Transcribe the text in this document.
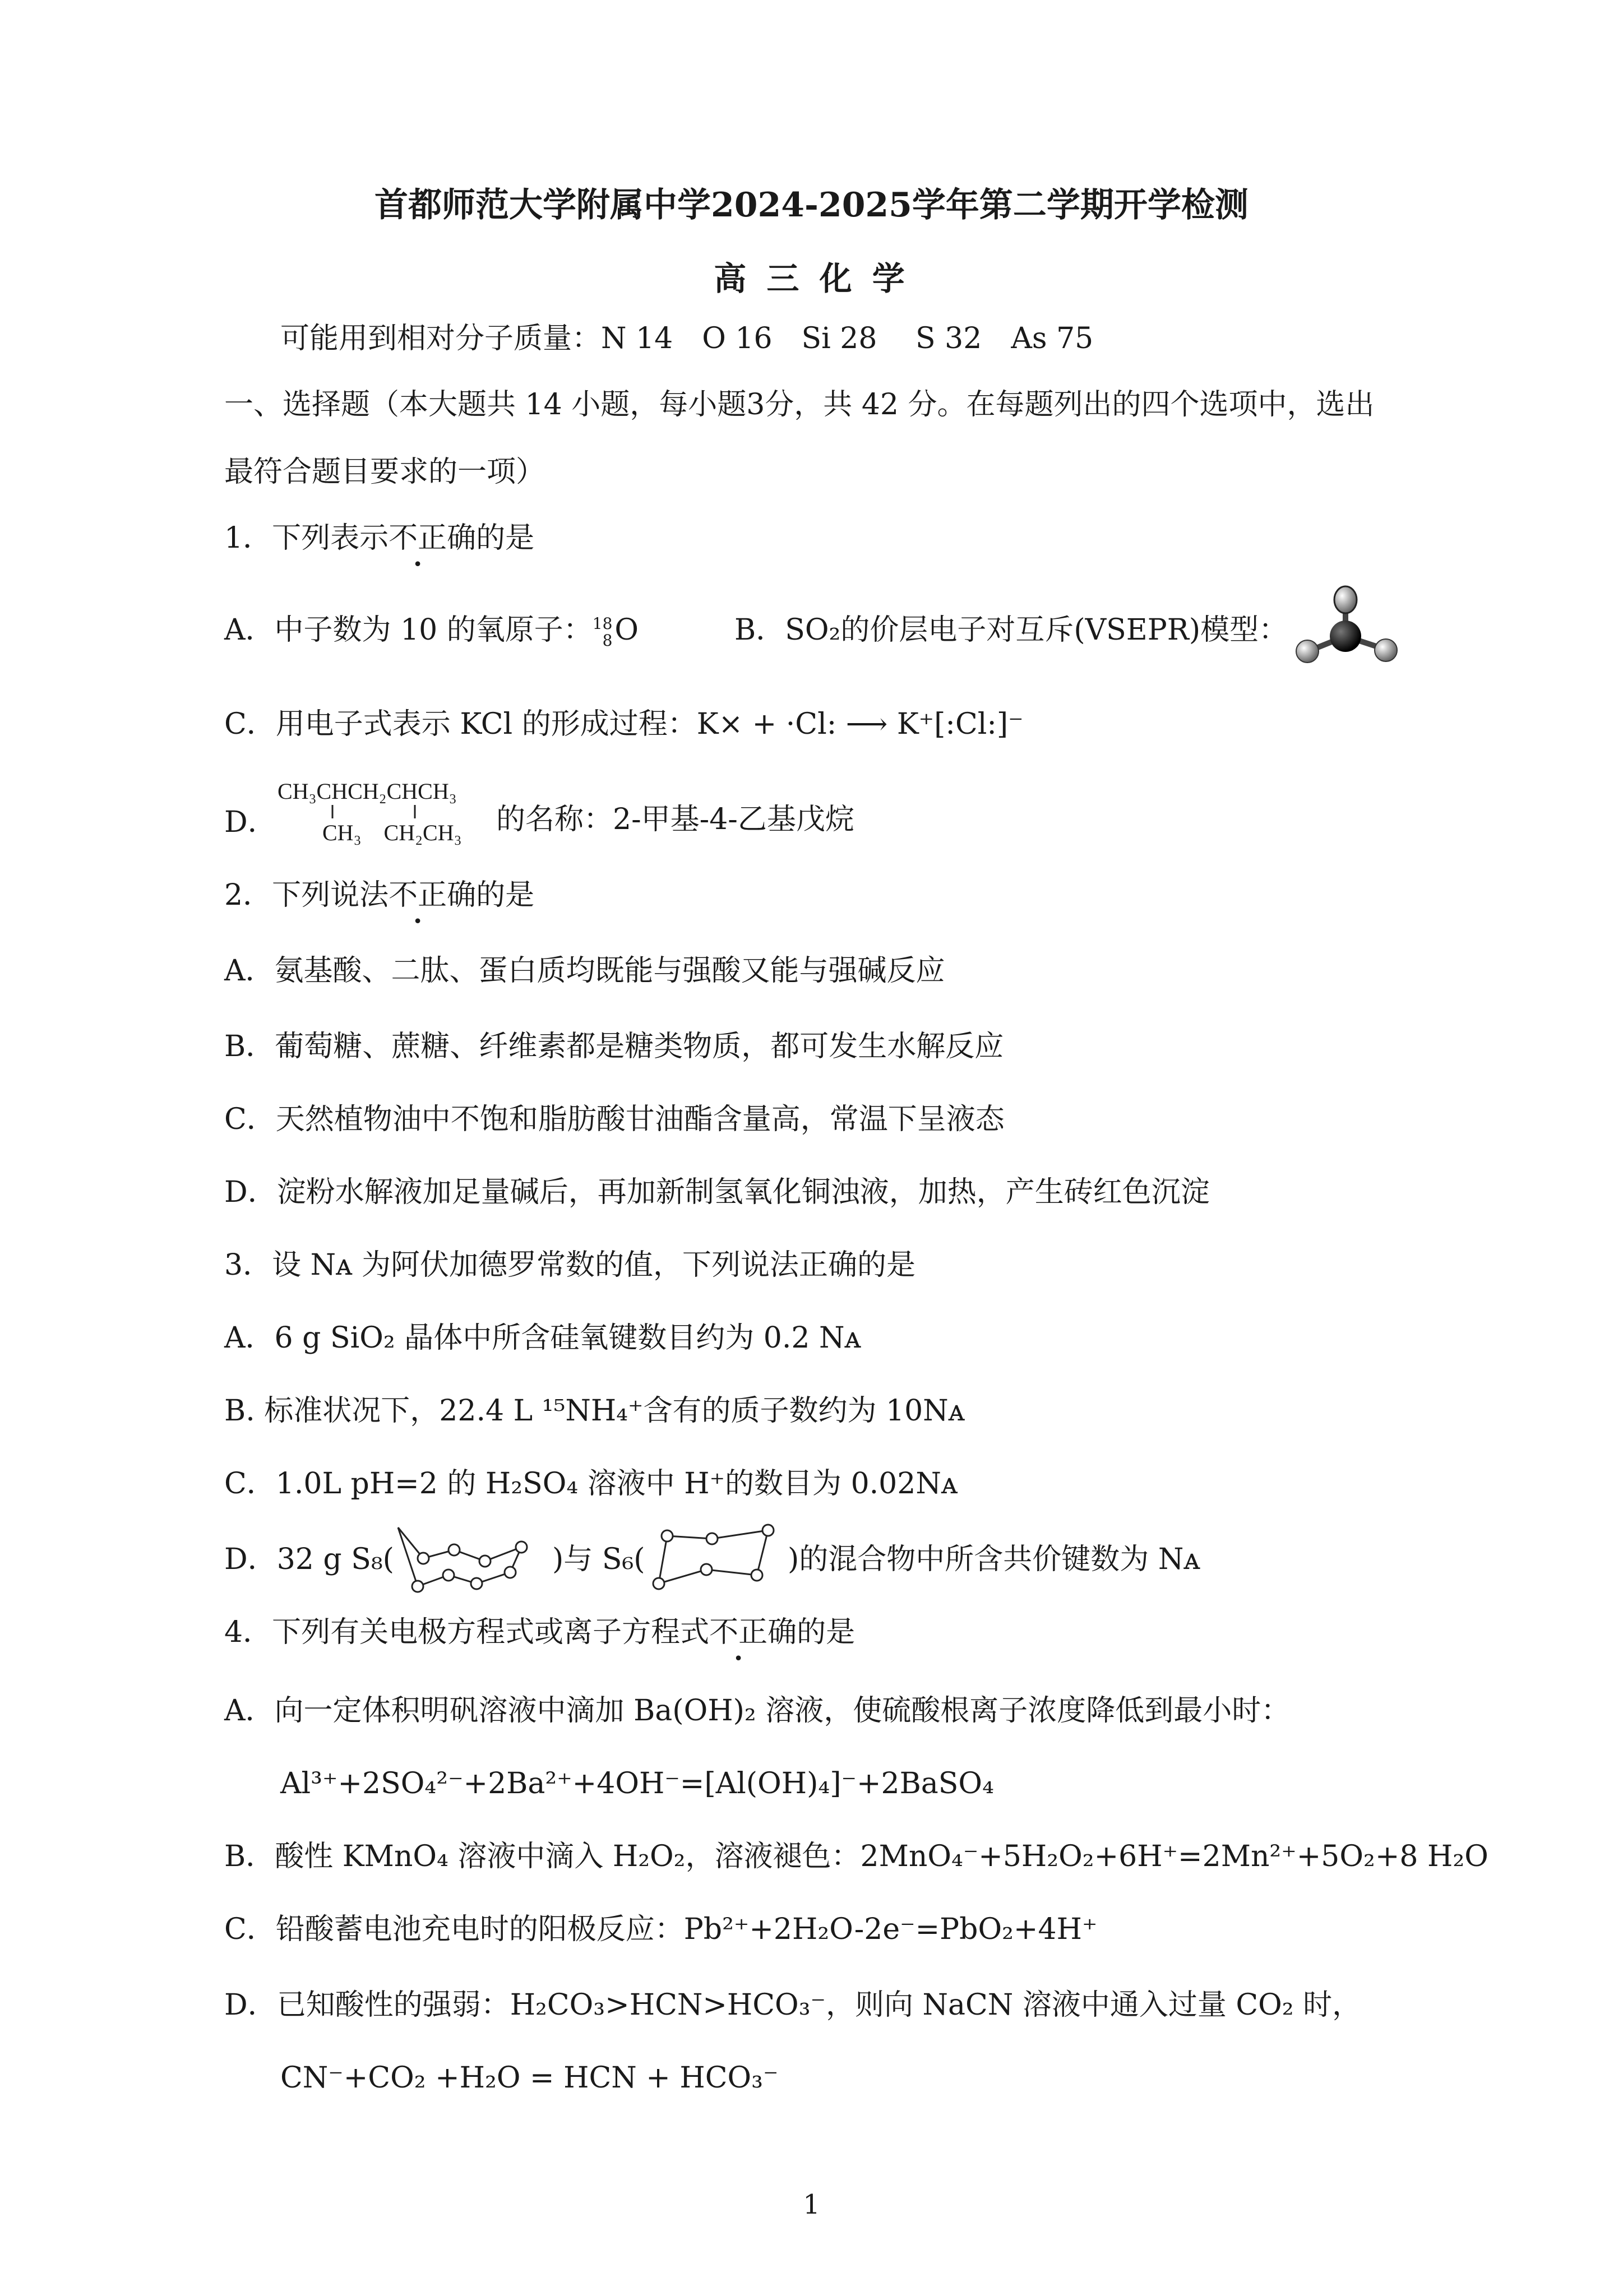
首都师范大学附属中学2024-2025学年第二学期开学检测
高 三 化 学
可能用到相对分子质量：N 14　O 16　Si 28　 S 32　As 75
一、选择题（本大题共 14 小题，每小题3分，共 42 分。在每题列出的四个选项中，选出
最符合题目要求的一项）
1．下列表示不正确的是
A．中子数为 10 的氧原子：18
8O	B．SO₂的价层电子对互斥(VSEPR)模型：
C．用电子式表示 KCl 的形成过程：K× + ·Cl: ⟶ K⁺[:Cl:]⁻
D．
CH₃CHCH₂CHCH₃
CH₃    CH₂CH₃ 的名称：2-甲基-4-乙基戊烷
2．下列说法不正确的是
A．氨基酸、二肽、蛋白质均既能与强酸又能与强碱反应
B．葡萄糖、蔗糖、纤维素都是糖类物质，都可发生水解反应
C．天然植物油中不饱和脂肪酸甘油酯含量高，常温下呈液态
D．淀粉水解液加足量碱后，再加新制氢氧化铜浊液，加热，产生砖红色沉淀
3．设 Nᴀ 为阿伏加德罗常数的值，下列说法正确的是
A．6 g SiO₂ 晶体中所含硅氧键数目约为 0.2 Nᴀ
B. 标准状况下，22.4 L ¹⁵NH₄⁺含有的质子数约为 10Nᴀ
C．1.0L pH=2 的 H₂SO₄ 溶液中 H⁺的数目为 0.02Nᴀ
D．32 g S₈(	)与 S₆(	)的混合物中所含共价键数为 Nᴀ
4．下列有关电极方程式或离子方程式不正确的是
A．向一定体积明矾溶液中滴加 Ba(OH)₂ 溶液，使硫酸根离子浓度降低到最小时：
Al³⁺+2SO₄²⁻+2Ba²⁺+4OH⁻=[Al(OH)₄]⁻+2BaSO₄
B．酸性 KMnO₄ 溶液中滴入 H₂O₂，溶液褪色：2MnO₄⁻+5H₂O₂+6H⁺=2Mn²⁺+5O₂+8 H₂O
C．铅酸蓄电池充电时的阳极反应：Pb²⁺+2H₂O-2e⁻=PbO₂+4H⁺
D．已知酸性的强弱：H₂CO₃>HCN>HCO₃⁻，则向 NaCN 溶液中通入过量 CO₂ 时，
CN⁻+CO₂ +H₂O = HCN + HCO₃⁻
1
